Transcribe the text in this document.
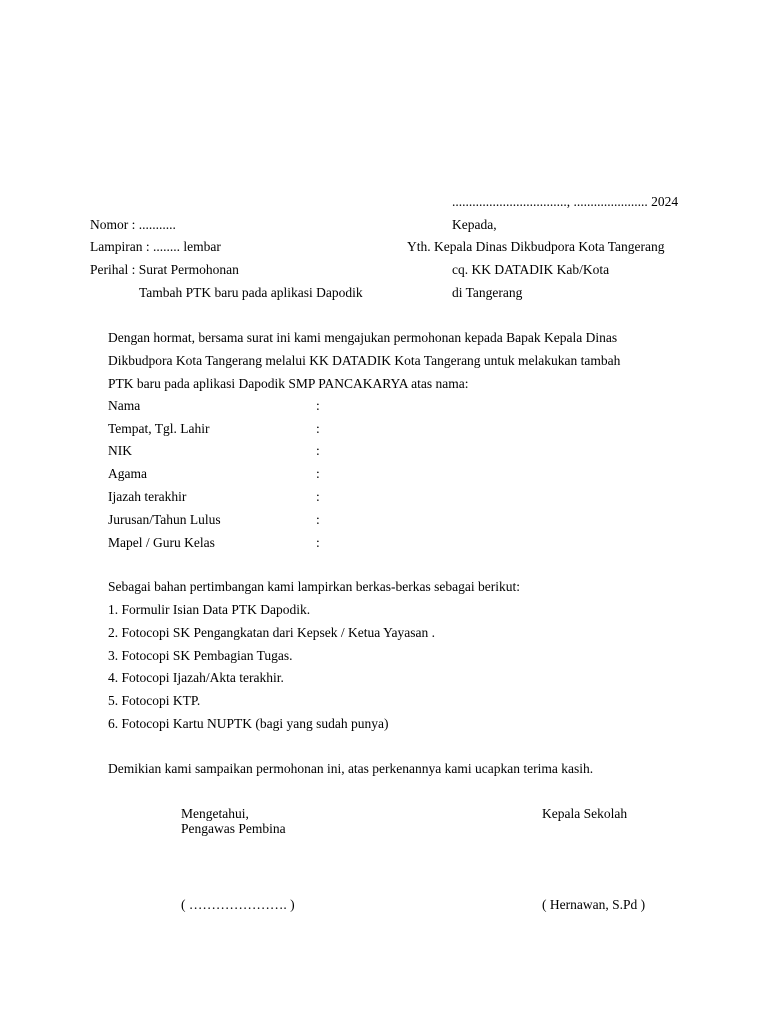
.................................., ...................... 2024
Nomor : ...........
Lampiran : ........ lembar
Perihal : Surat Permohonan
Tambah PTK baru pada aplikasi Dapodik
Kepada,
Yth. Kepala Dinas Dikbudpora Kota Tangerang
cq. KK DATADIK Kab/Kota
di Tangerang
Dengan hormat, bersama surat ini kami mengajukan permohonan kepada Bapak Kepala Dinas
Dikbudpora Kota Tangerang melalui KK DATADIK Kota Tangerang untuk melakukan tambah
PTK baru pada aplikasi Dapodik SMP PANCAKARYA atas nama:
Nama	:
Tempat, Tgl. Lahir	:
NIK	:
Agama	:
Ijazah terakhir	:
Jurusan/Tahun Lulus	:
Mapel / Guru Kelas	:
Sebagai bahan pertimbangan kami lampirkan berkas-berkas sebagai berikut:
1. Formulir Isian Data PTK Dapodik.
2. Fotocopi SK Pengangkatan dari Kepsek / Ketua Yayasan .
3. Fotocopi SK Pembagian Tugas.
4. Fotocopi Ijazah/Akta terakhir.
5. Fotocopi KTP.
6. Fotocopi Kartu NUPTK (bagi yang sudah punya)
Demikian kami sampaikan permohonan ini, atas perkenannya kami ucapkan terima kasih.
Mengetahui,
Pengawas Pembina
( …………………. )
Kepala Sekolah
( Hernawan, S.Pd )
